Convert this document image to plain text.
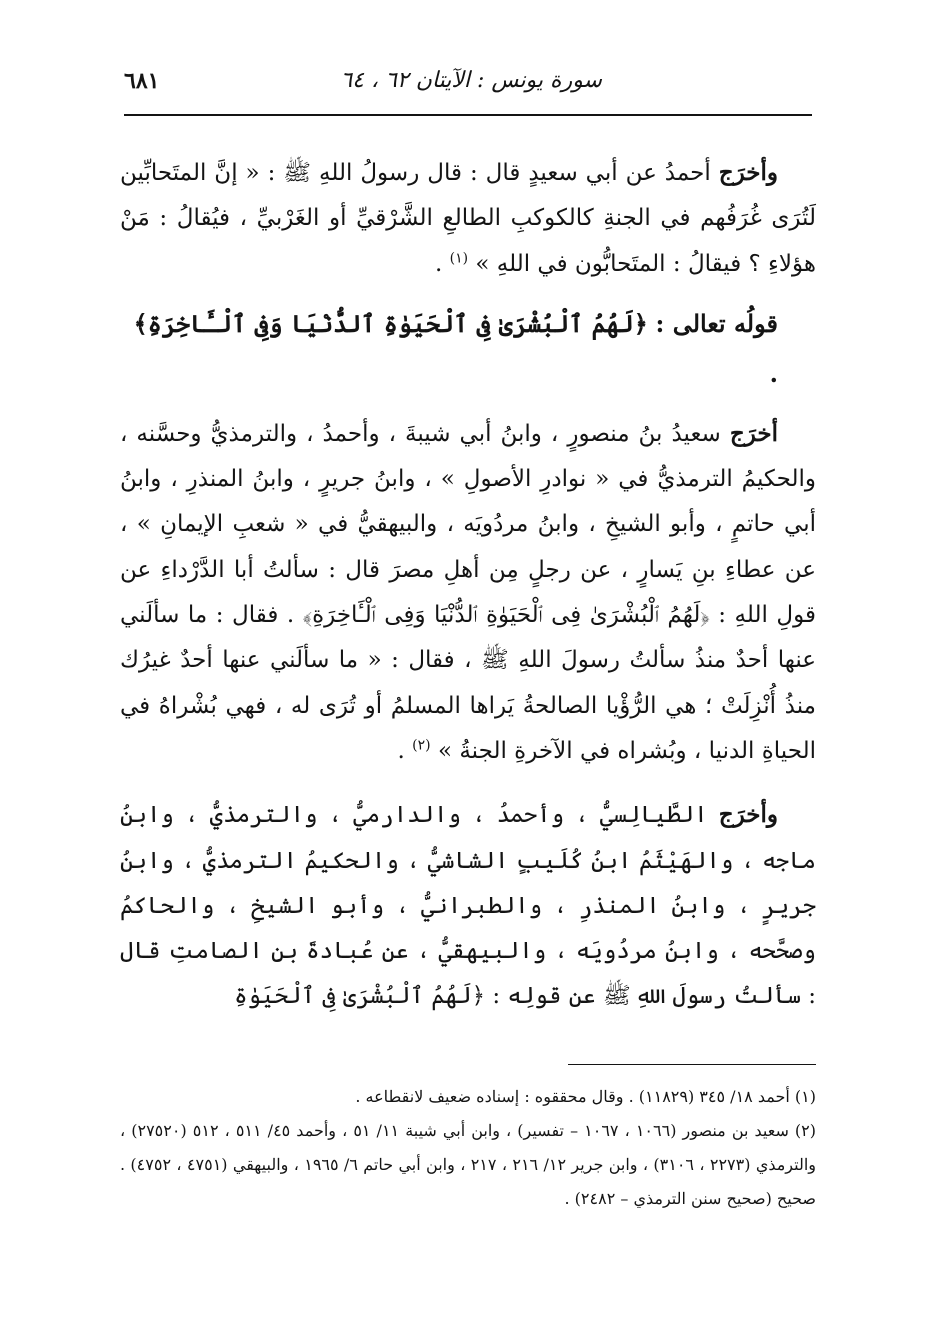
سورة يونس : الآيتان ٦٢ ، ٦٤
٦٨١

وأخرَج أحمدُ عن أبي سعيدٍ قال : قال رسولُ اللهِ ﷺ : « إنَّ المتَحابِّين لَتُرَى غُرَفُهم في الجنةِ كالكوكبِ الطالعِ الشَّرْقيِّ أو الغَرْبيِّ ، فيُقالُ : مَنْ هؤلاءِ ؟ فيقالُ : المتَحابُّون في اللهِ » $^{(١)}$ .

قولُه تعالى : ﴿لَهُمُ ٱلْبُشْرَىٰ فِى ٱلْحَيَوٰةِ ٱلدُّنْيَا وَفِى ٱلْـَٔاخِرَةِ﴾ .

أخرَج سعيدُ بنُ منصورٍ ، وابنُ أبي شيبةَ ، وأحمدُ ، والترمذيُّ وحسَّنه ، والحكيمُ الترمذيُّ في « نوادرِ الأصولِ » ، وابنُ جريرٍ ، وابنُ المنذرِ ، وابنُ أبي حاتمٍ ، وأبو الشيخِ ، وابنُ مردُويَه ، والبيهقيُّ في « شعبِ الإيمانِ » ، عن عطاءِ بنِ يَسارٍ ، عن رجلٍ مِن أهلِ مصرَ قال : سألتُ أبا الدَّرْداءِ عن قولِ اللهِ : ﴿لَهُمُ ٱلْبُشْرَىٰ فِى ٱلْحَيَوٰةِ ٱلدُّنْيَا وَفِى ٱلْـَٔاخِرَةِ﴾ . فقال : ما سألَني عنها أحدٌ منذُ سألتُ رسولَ اللهِ ﷺ ، فقال : « ما سألَني عنها أحدٌ غيرُك منذُ أُنْزِلَتْ ؛ هي الرُّؤْيا الصالحةُ يَراها المسلمُ أو تُرَى له ، فهي بُشْراهُ في الحياةِ الدنيا ، وبُشراه في الآخرةِ الجنةُ » $^{(٢)}$ .

وأخرَج الطَّيالِسيُّ ، وأحمدُ ، والدارميُّ ، والترمذيُّ ، وابنُ ماجه ، والهَيْثَمُ ابنُ كُلَيبٍ الشاشيُّ ، والحكيمُ الترمذيُّ ، وابنُ جريرٍ ، وابنُ المنذرِ ، والطبرانيُّ ، وأبو الشيخِ ، والحاكمُ وصحَّحه ، وابنُ مردُويَه ، والبيهقيُّ ، عن عُبادةَ بنِ الصامتِ قال : سألتُ رسولَ اللهِ ﷺ عن قولِه : ﴿لَهُمُ ٱلْبُشْرَىٰ فِى ٱلْحَيَوٰةِ

(١) أحمد ١٨/ ٣٤٥ (١١٨٢٩) . وقال محققوه : إسناده ضعيف لانقطاعه .

(٢) سعيد بن منصور (١٠٦٦ ، ١٠٦٧ – تفسير) ، وابن أبي شيبة ١١/ ٥١ ، وأحمد ٤٥/ ٥١١ ، ٥١٢ (٢٧٥٢٠) ، والترمذي (٢٢٧٣ ، ٣١٠٦) ، وابن جرير ١٢/ ٢١٦ ، ٢١٧ ، وابن أبي حاتم ٦/ ١٩٦٥ ، والبيهقي (٤٧٥١ ، ٤٧٥٢) . صحيح (صحيح سنن الترمذي – ٢٤٨٢) .
